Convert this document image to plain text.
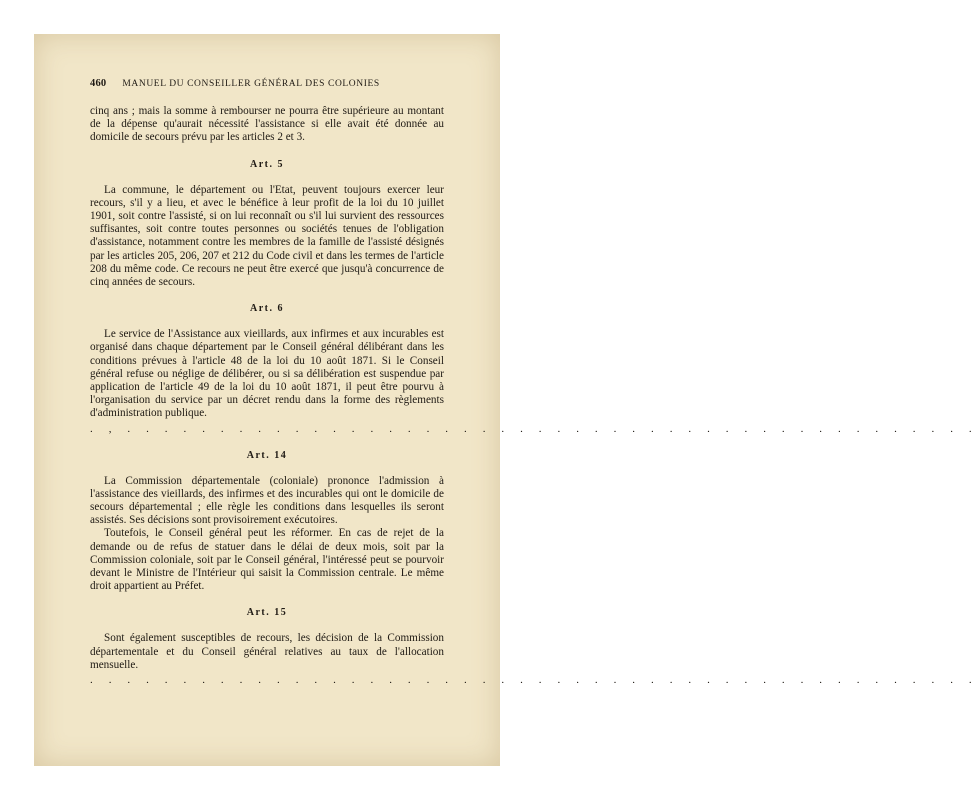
460 MANUEL DU CONSEILLER GÉNÉRAL DES COLONIES

cinq ans ; mais la somme à rembourser ne pourra être supérieure au montant de la dépense qu'aurait nécessité l'assistance si elle avait été donnée au domicile de secours prévu par les articles 2 et 3.

Art. 5

La commune, le département ou l'Etat, peuvent toujours exercer leur recours, s'il y a lieu, et avec le bénéfice à leur profit de la loi du 10 juillet 1901, soit contre l'assisté, si on lui reconnaît ou s'il lui survient des ressources suffisantes, soit contre toutes personnes ou sociétés tenues de l'obligation d'assistance, notamment contre les membres de la famille de l'assisté désignés par les articles 205, 206, 207 et 212 du Code civil et dans les termes de l'article 208 du même code. Ce recours ne peut être exercé que jusqu'à concurrence de cinq années de secours.

Art. 6

Le service de l'Assistance aux vieillards, aux infirmes et aux incurables est organisé dans chaque département par le Conseil général délibérant dans les conditions prévues à l'article 48 de la loi du 10 août 1871. Si le Conseil général refuse ou néglige de délibérer, ou si sa délibération est suspendue par application de l'article 49 de la loi du 10 août 1871, il peut être pourvu à l'organisation du service par un décret rendu dans la forme des règlements d'administration publique.

. , . . . . . . . . . . . . . . . . . . . . . . . . . . . . . . . . . . . . . . . . . . . . . .
Art. 14

La Commission départementale (coloniale) prononce l'admission à l'assistance des vieillards, des infirmes et des incurables qui ont le domicile de secours départemental ; elle règle les conditions dans lesquelles ils seront assistés. Ses décisions sont provisoirement exécutoires.

Toutefois, le Conseil général peut les réformer. En cas de rejet de la demande ou de refus de statuer dans le délai de deux mois, soit par la Commission coloniale, soit par le Conseil général, l'intéressé peut se pourvoir devant le Ministre de l'Intérieur qui saisit la Commission centrale. Le même droit appartient au Préfet.

Art. 15

Sont également susceptibles de recours, les décision de la Commission départementale et du Conseil général relatives au taux de l'allocation mensuelle.

. . . . . . . . . . . . . . . . . . . . . . . . . . . . . . . . . . . . . . . . . . . . . . . .
